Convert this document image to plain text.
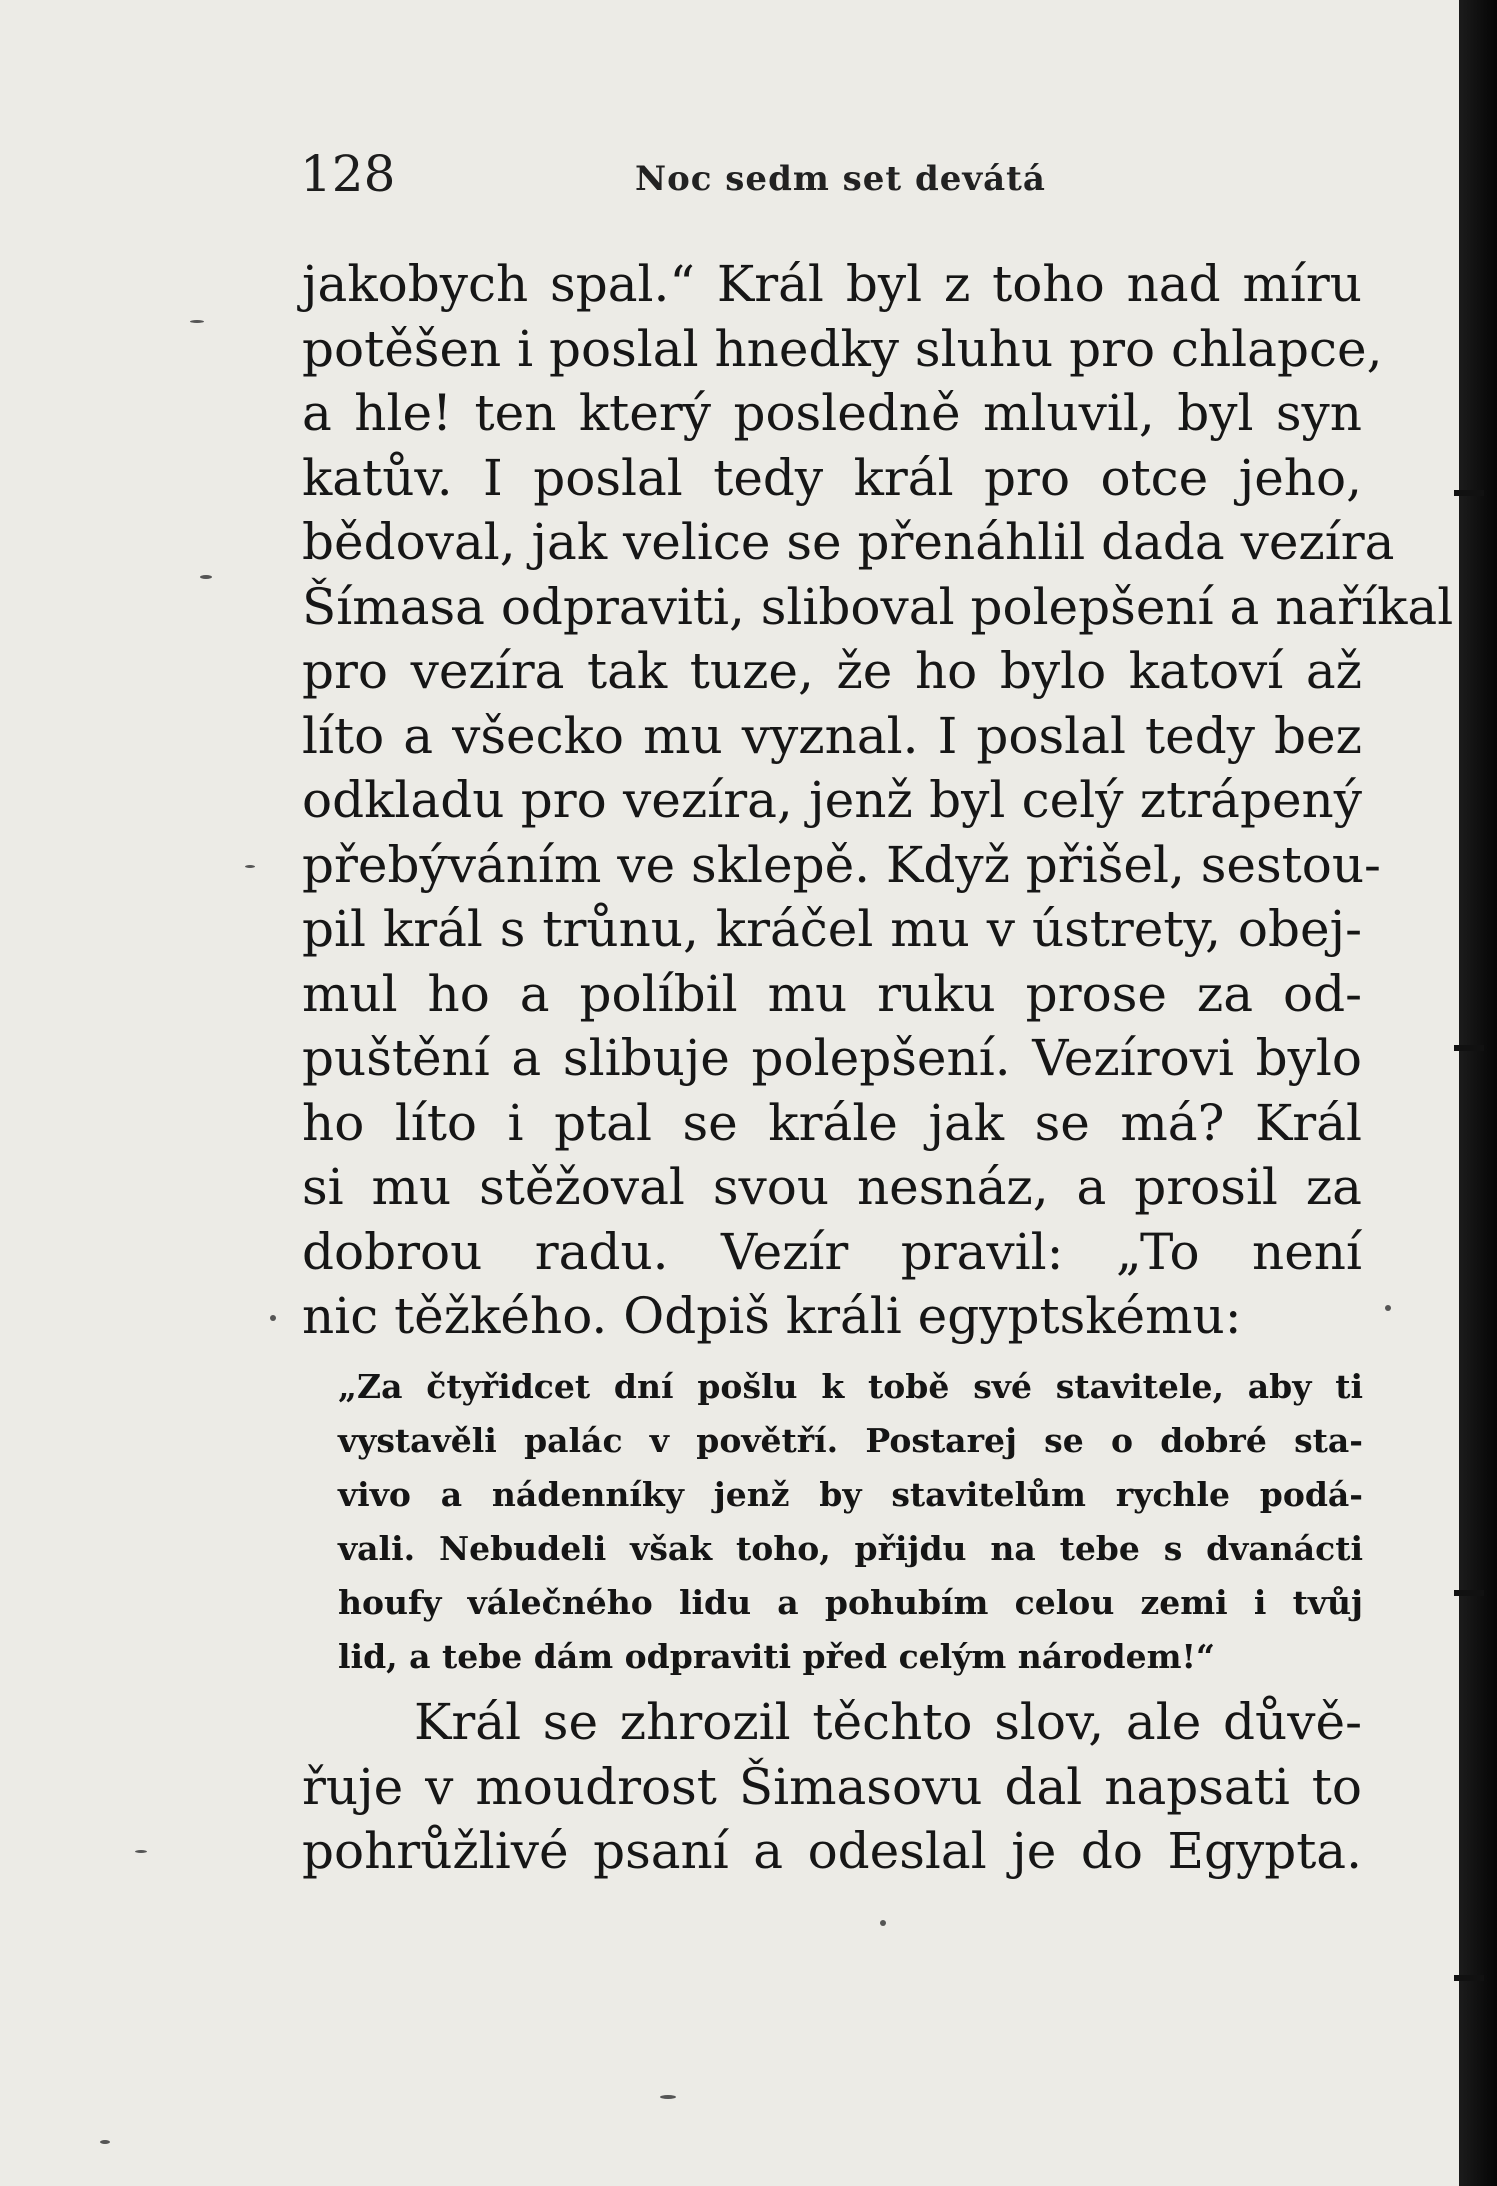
128	Noc sedm set devátá
jakobych spal.“ Král byl z toho nad míru
potěšen i poslal hnedky sluhu pro chlapce,
a hle! ten který posledně mluvil, byl syn
katův. I poslal tedy král pro otce jeho,
bědoval, jak velice se přenáhlil dada vezíra
Šímasa odpraviti, sliboval polepšení a naříkal
pro vezíra tak tuze, že ho bylo katoví až
líto a všecko mu vyznal. I poslal tedy bez
odkladu pro vezíra, jenž byl celý ztrápený
přebýváním ve sklepě. Když přišel, sestou-
pil král s trůnu, kráčel mu v ústrety, obej-
mul ho a políbil mu ruku prose za od-
puštění a slibuje polepšení. Vezírovi bylo
ho líto i ptal se krále jak se má? Král
si mu stěžoval svou nesnáz, a prosil za
dobrou radu. Vezír pravil: „To není
nic těžkého. Odpiš králi egyptskému:
„Za čtyřidcet dní pošlu k tobě své stavitele, aby ti
vystavěli palác v povětří. Postarej se o dobré sta-
vivo a nádenníky jenž by stavitelům rychle podá-
vali. Nebudeli však toho, přijdu na tebe s dvanácti
houfy válečného lidu a pohubím celou zemi i tvůj
lid, a tebe dám odpraviti před celým národem!“
Král se zhrozil těchto slov, ale důvě-
řuje v moudrost Šimasovu dal napsati to
pohrůžlivé psaní a odeslal je do Egypta.
